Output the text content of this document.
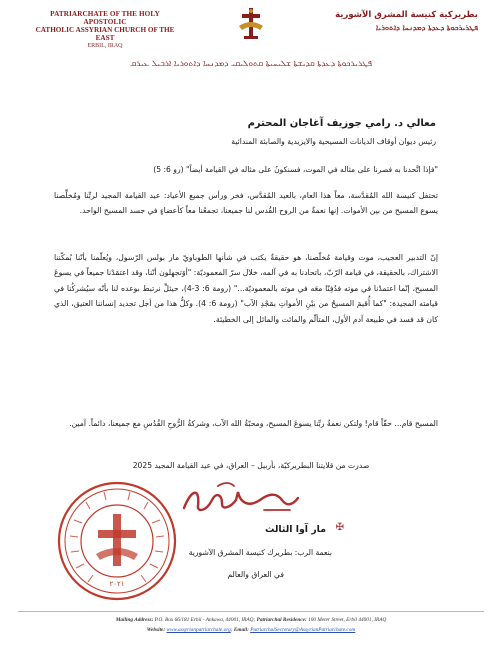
PATRIARCHATE OF THE HOLY APOSTOLIC
CATHOLIC ASSYRIAN CHURCH OF THE EAST
ERBIL, IRAQ
بطريركية كنيسة المشرق الآشورية
ܦܛܪܝܪܟܘܬܐ ܕܥܕܬܐ ܕܡܕܢܚܐ ܕܐܬܘܪܝܐ
ܦܛܪܝܪܟܘܬܐ ܕܥܕܬܐ ܩܕܝܫܬܐ ܫܠܝܚܝܬܐ ܩܬܘܠܝܩܝ ܕܡܕܢܚܐ ܕܐܬܘܪܝܐ ܐܪܒܝܠ ܥܝܪܩ
معالي د. رامي جوزيف آغاجان المحترم
رئيس ديوان أوقاف الديانات المسيحية والايزيدية والصابئة المندائية
"فإذا اتَّحدنا به فصرنا على مثاله في الموت، فسنكونُ على مثاله في القيامة أيضاً" (رو 6: 5)
تحتفل كنيسة الله المُقدَّسة، معاً هذا العام، بالعيد المُقدَّس، فخر ورأس جميع الأعياد: عيد القيامة المجيد لربِّنا ومُخلِّصنا يسوع المسيح من بين الأموات. إنها نعمةٌ من الروح القُدس لنا جميعنا، تجمعُنا معاً كأعضاءٍ في جسد المسيح الواحد.
إنّ التدبير العجيب، موت وقيامة مُخلّصنا، هو حقيقةٌ يكتب في شأنها الطوباويّ مار بولس الرّسول، ويُعلّمنا بأنّنا بُمكّننا الاشتراك، بالحقيقة، في قيامة الرّبّ، باتحادنا به في آلمه، خلال سرّ المعموديّة: "أوَتجهلون أنّنا، وقد اعتمَدْنا جميعاً في يسوعَ المسيح، إنّما اعتمدْنا في موته فدُفِنّا معَه في موته بالمعموديّة..." (رومة 6: 3-4)، حيثلِّ نرتبط بوعده لنا بأنّه سيُشركُنا في قيامته المجيدة: "كما أُقيمَ المسيحُ من بيْنِ الأمواتِ بمَجْدِ الآب" (رومة 6: 4). وكلُّ هذا من أجل تجديد إنساننا العتيق، الذي كان قد فسد في طبيعة آدم الأول، المتألّم والمائت والمائل إلى الخطيئة.
المسيح قام... حقّاً قام! ولتكن نعمةُ ربِّنا يسوعَ المسيح، ومحبّةُ الله الآب، وشركةُ الرُّوحِ القُدُسِ مع جميعنا، دائماً. آمين.
صدرت من قلايتنا البطريركيّة، بأربيل – العراق، في عيد القيامة المجيد 2025
٢٠٢١
✠
مار آوا الثالث
بنعمة الرب: بطريرك كنيسة المشرق الآشورية
في العراق والعالم
Mailing Address: P.O. Box 66/181 Erbil - Ankawa, 44001, IRAQ; Patriarchal Residence: 100 Meter Street, Erbil 44001, IRAQ
Website: www.assyrianpatriarchate.org; Email: PatriarchalSecretary@AssyrianPatriarchate.com
